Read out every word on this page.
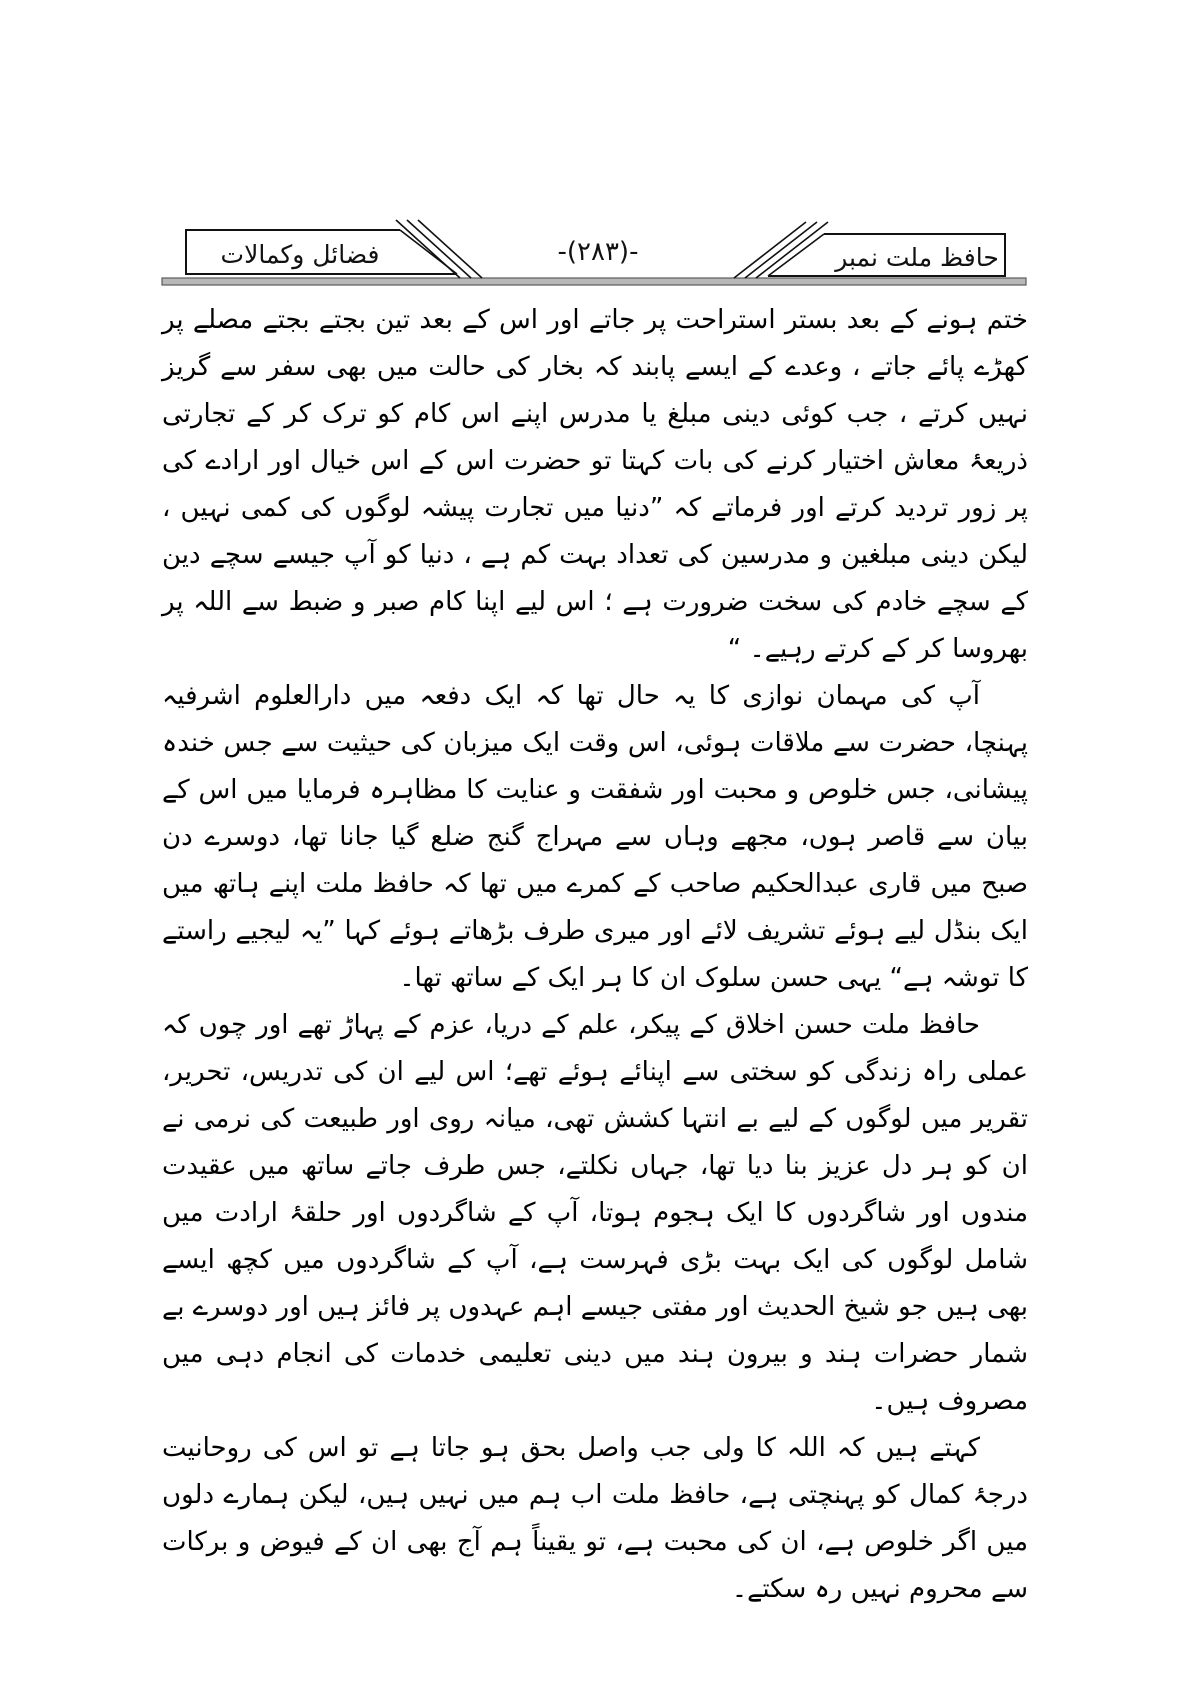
فضائل وکمالات	-(۲۸۳)-	حافظ ملت نمبر

ختم ہونے کے بعد بستر استراحت پر جاتے اور اس کے بعد تین بجتے بجتے مصلے پر کھڑے پائے جاتے ، وعدے کے ایسے پابند کہ بخار کی حالت میں بھی سفر سے گریز نہیں کرتے ، جب کوئی دینی مبلغ یا مدرس اپنے اس کام کو ترک کر کے تجارتی ذریعۂ معاش اختیار کرنے کی بات کہتا تو حضرت اس کے اس خیال اور ارادے کی پر زور تردید کرتے اور فرماتے کہ ”دنیا میں تجارت پیشہ لوگوں کی کمی نہیں ، لیکن دینی مبلغین و مدرسین کی تعداد بہت کم ہے ، دنیا کو آپ جیسے سچے دین کے سچے خادم کی سخت ضرورت ہے ؛ اس لیے اپنا کام صبر و ضبط سے اللہ پر بھروسا کر کے کرتے رہیے۔ “

آپ کی مہمان نوازی کا یہ حال تھا کہ ایک دفعہ میں دارالعلوم اشرفیہ پہنچا، حضرت سے ملاقات ہوئی، اس وقت ایک میزبان کی حیثیت سے جس خندہ پیشانی، جس خلوص و محبت اور شفقت و عنایت کا مظاہرہ فرمایا میں اس کے بیان سے قاصر ہوں، مجھے وہاں سے مہراج گنج ضلع گیا جانا تھا، دوسرے دن صبح میں قاری عبدالحکیم صاحب کے کمرے میں تھا کہ حافظ ملت اپنے ہاتھ میں ایک بنڈل لیے ہوئے تشریف لائے اور میری طرف بڑھاتے ہوئے کہا ”یہ لیجیے راستے کا توشہ ہے“ یہی حسن سلوک ان کا ہر ایک کے ساتھ تھا۔

حافظ ملت حسن اخلاق کے پیکر، علم کے دریا، عزم کے پہاڑ تھے اور چوں کہ عملی راہ زندگی کو سختی سے اپنائے ہوئے تھے؛ اس لیے ان کی تدریس، تحریر، تقریر میں لوگوں کے لیے بے انتہا کشش تھی، میانہ روی اور طبیعت کی نرمی نے ان کو ہر دل عزیز بنا دیا تھا، جہاں نکلتے، جس طرف جاتے ساتھ میں عقیدت مندوں اور شاگردوں کا ایک ہجوم ہوتا، آپ کے شاگردوں اور حلقۂ ارادت میں شامل لوگوں کی ایک بہت بڑی فہرست ہے، آپ کے شاگردوں میں کچھ ایسے بھی ہیں جو شیخ الحدیث اور مفتی جیسے اہم عہدوں پر فائز ہیں اور دوسرے بے شمار حضرات ہند و بیرون ہند میں دینی تعلیمی خدمات کی انجام دہی میں مصروف ہیں۔

کہتے ہیں کہ اللہ کا ولی جب واصل بحق ہو جاتا ہے تو اس کی روحانیت درجۂ کمال کو پہنچتی ہے، حافظ ملت اب ہم میں نہیں ہیں، لیکن ہمارے دلوں میں اگر خلوص ہے، ان کی محبت ہے، تو یقیناً ہم آج بھی ان کے فیوض و برکات سے محروم نہیں رہ سکتے۔
